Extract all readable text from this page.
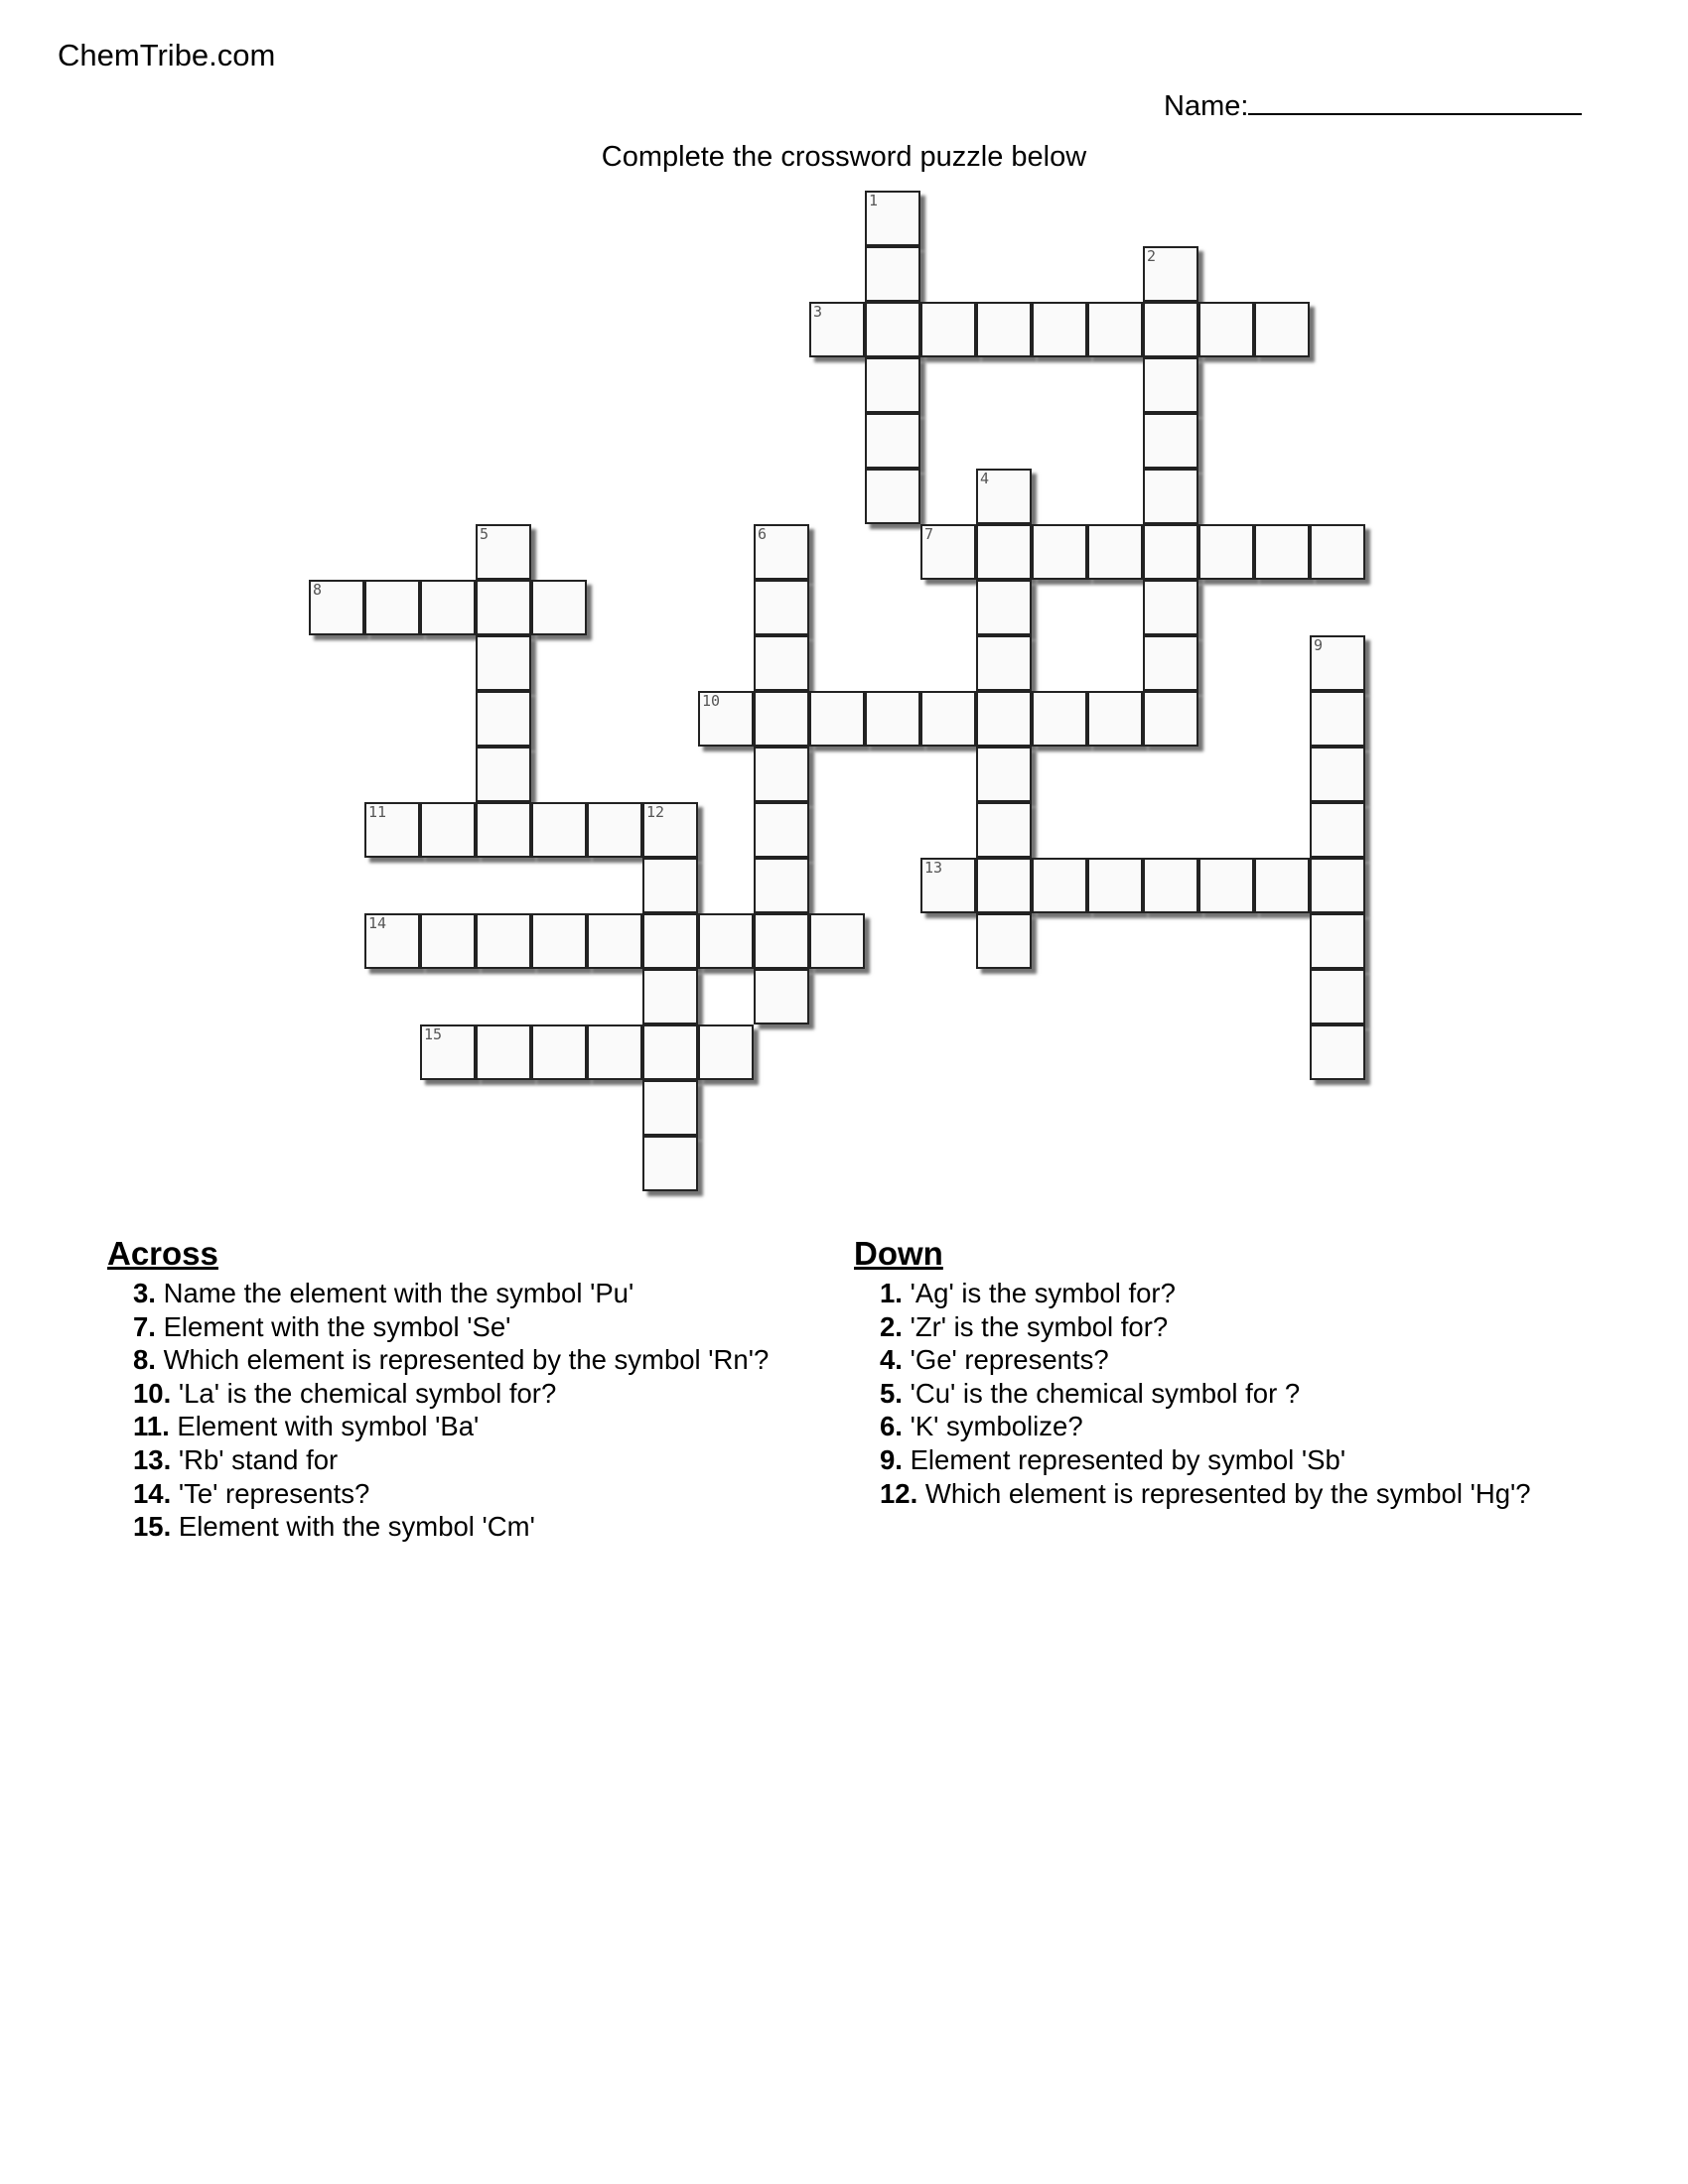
ChemTribe.com
Name:
Complete the crossword puzzle below
1
2
3
4
5	6	7
8
9
10
11	12
13
14
15
Across
3. Name the element with the symbol 'Pu'
7. Element with the symbol 'Se'
8. Which element is represented by the symbol 'Rn'?
10. 'La' is the chemical symbol for?
11. Element with symbol 'Ba'
13. 'Rb' stand for
14. 'Te' represents?
15. Element with the symbol 'Cm'
Down
1. 'Ag' is the symbol for?
2. 'Zr' is the symbol for?
4. 'Ge' represents?
5. 'Cu' is the chemical symbol for ?
6. 'K' symbolize?
9. Element represented by symbol 'Sb'
12. Which element is represented by the symbol 'Hg'?
